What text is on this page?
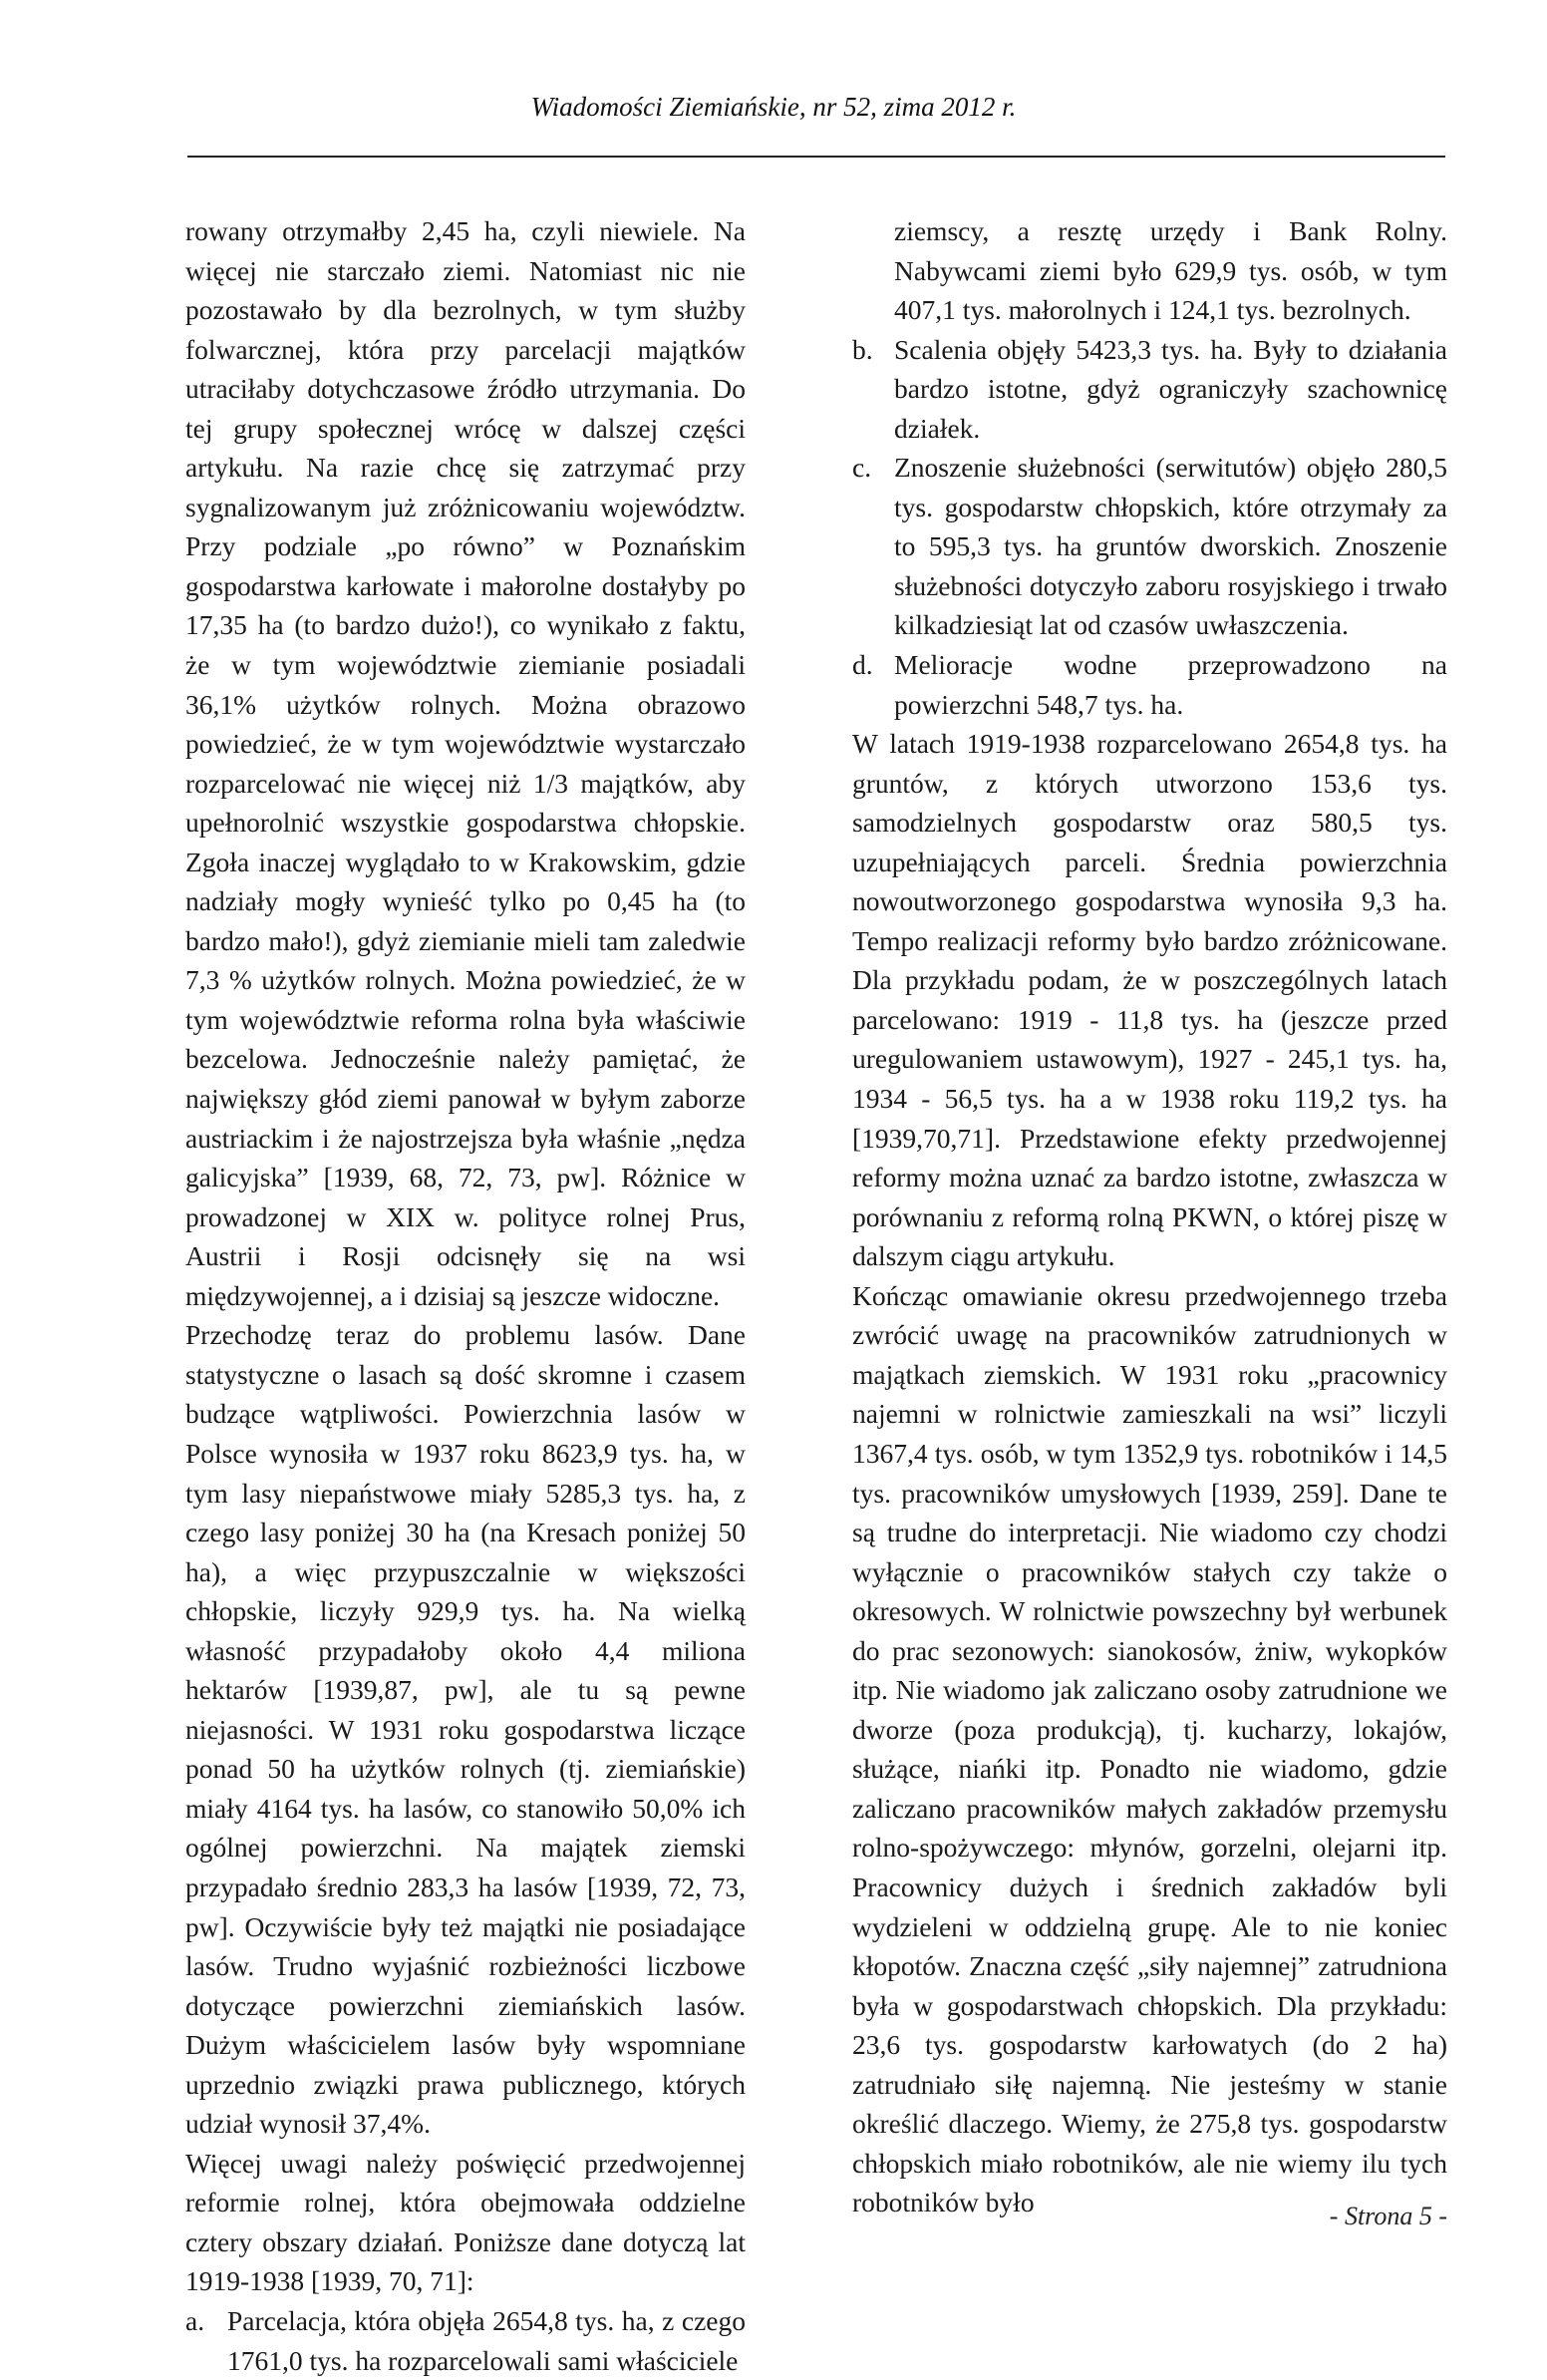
Wiadomości Ziemiańskie, nr 52, zima 2012 r.

rowany otrzymałby 2,45 ha, czyli niewiele. Na więcej nie starczało ziemi. Natomiast nic nie pozostawało by dla bezrolnych, w tym służby folwarcznej, która przy parcelacji majątków utraciłaby dotychczasowe źródło utrzymania. Do tej grupy społecznej wrócę w dalszej części artykułu. Na razie chcę się zatrzymać przy sygnalizowanym już zróżnicowaniu województw. Przy podziale „po równo” w Poznańskim gospodarstwa karłowate i małorolne dostałyby po 17,35 ha (to bardzo dużo!), co wynikało z faktu, że w tym województwie ziemianie posiadali 36,1% użytków rolnych. Można obrazowo powiedzieć, że w tym województwie wystarczało rozparcelować nie więcej niż 1/3 majątków, aby upełnorolnić wszystkie gospodarstwa chłopskie. Zgoła inaczej wyglądało to w Krakowskim, gdzie nadziały mogły wynieść tylko po 0,45 ha (to bardzo mało!), gdyż ziemianie mieli tam zaledwie 7,3 % użytków rolnych. Można powiedzieć, że w tym województwie reforma rolna była właściwie bezcelowa. Jednocześnie należy pamiętać, że największy głód ziemi panował w byłym zaborze austriackim i że najostrzejsza była właśnie „nędza galicyjska” [1939, 68, 72, 73, pw]. Różnice w prowadzonej w XIX w. polityce rolnej Prus, Austrii i Rosji odcisnęły się na wsi międzywojennej, a i dzisiaj są jeszcze widoczne.

Przechodzę teraz do problemu lasów. Dane statystyczne o lasach są dość skromne i czasem budzące wątpliwości. Powierzchnia lasów w Polsce wynosiła w 1937 roku 8623,9 tys. ha, w tym lasy niepaństwowe miały 5285,3 tys. ha, z czego lasy poniżej 30 ha (na Kresach poniżej 50 ha), a więc przypuszczalnie w większości chłopskie, liczyły 929,9 tys. ha. Na wielką własność przypadałoby około 4,4 miliona hektarów [1939,87, pw], ale tu są pewne niejasności. W 1931 roku gospodarstwa liczące ponad 50 ha użytków rolnych (tj. ziemiańskie) miały 4164 tys. ha lasów, co stanowiło 50,0% ich ogólnej powierzchni. Na majątek ziemski przypadało średnio 283,3 ha lasów [1939, 72, 73, pw]. Oczywiście były też majątki nie posiadające lasów. Trudno wyjaśnić rozbieżności liczbowe dotyczące powierzchni ziemiańskich lasów. Dużym właścicielem lasów były wspomniane uprzednio związki prawa publicznego, których udział wynosił 37,4%.

Więcej uwagi należy poświęcić przedwojennej reformie rolnej, która obejmowała oddzielne cztery obszary działań. Poniższe dane dotyczą lat 1919-1938 [1939, 70, 71]:

a. Parcelacja, która objęła 2654,8 tys. ha, z czego 1761,0 tys. ha rozparcelowali sami właściciele
ziemscy, a resztę urzędy i Bank Rolny. Nabywcami ziemi było 629,9 tys. osób, w tym 407,1 tys. małorolnych i 124,1 tys. bezrolnych.
b. Scalenia objęły 5423,3 tys. ha. Były to działania bardzo istotne, gdyż ograniczyły szachownicę działek.
c. Znoszenie służebności (serwitutów) objęło 280,5 tys. gospodarstw chłopskich, które otrzymały za to 595,3 tys. ha gruntów dworskich. Znoszenie służebności dotyczyło zaboru rosyjskiego i trwało kilkadziesiąt lat od czasów uwłaszczenia.
d. Melioracje wodne przeprowadzono na powierzchni 548,7 tys. ha.

W latach 1919-1938 rozparcelowano 2654,8 tys. ha gruntów, z których utworzono 153,6 tys. samodzielnych gospodarstw oraz 580,5 tys. uzupełniających parceli. Średnia powierzchnia nowoutworzonego gospodarstwa wynosiła 9,3 ha. Tempo realizacji reformy było bardzo zróżnicowane. Dla przykładu podam, że w poszczególnych latach parcelowano: 1919 - 11,8 tys. ha (jeszcze przed uregulowaniem ustawowym), 1927 - 245,1 tys. ha, 1934 - 56,5 tys. ha a w 1938 roku 119,2 tys. ha [1939,70,71]. Przedstawione efekty przedwojennej reformy można uznać za bardzo istotne, zwłaszcza w porównaniu z reformą rolną PKWN, o której piszę w dalszym ciągu artykułu.

Kończąc omawianie okresu przedwojennego trzeba zwrócić uwagę na pracowników zatrudnionych w majątkach ziemskich. W 1931 roku „pracownicy najemni w rolnictwie zamieszkali na wsi” liczyli 1367,4 tys. osób, w tym 1352,9 tys. robotników i 14,5 tys. pracowników umysłowych [1939, 259]. Dane te są trudne do interpretacji. Nie wiadomo czy chodzi wyłącznie o pracowników stałych czy także o okresowych. W rolnictwie powszechny był werbunek do prac sezonowych: sianokosów, żniw, wykopków itp. Nie wiadomo jak zaliczano osoby zatrudnione we dworze (poza produkcją), tj. kucharzy, lokajów, służące, niańki itp. Ponadto nie wiadomo, gdzie zaliczano pracowników małych zakładów przemysłu rolno-spożywczego: młynów, gorzelni, olejarni itp. Pracownicy dużych i średnich zakładów byli wydzieleni w oddzielną grupę. Ale to nie koniec kłopotów. Znaczna część „siły najemnej” zatrudniona była w gospodarstwach chłopskich. Dla przykładu: 23,6 tys. gospodarstw karłowatych (do 2 ha) zatrudniało siłę najemną. Nie jesteśmy w stanie określić dlaczego. Wiemy, że 275,8 tys. gospodarstw chłopskich miało robotników, ale nie wiemy ilu tych robotników było	- Strona 5 -
